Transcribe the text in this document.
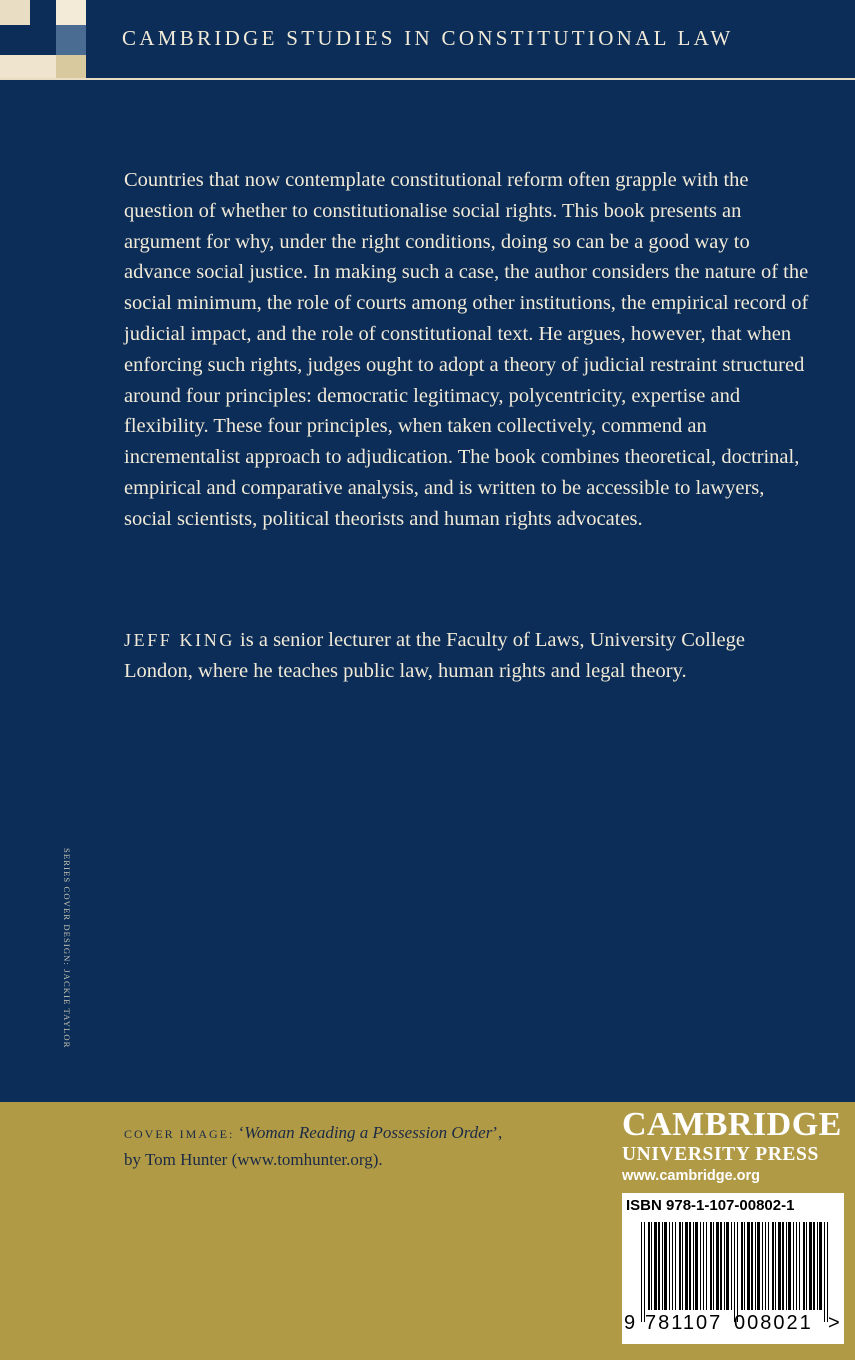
CAMBRIDGE STUDIES IN CONSTITUTIONAL LAW

Countries that now contemplate constitutional reform often grapple with the question of whether to constitutionalise social rights. This book presents an argument for why, under the right conditions, doing so can be a good way to advance social justice. In making such a case, the author considers the nature of the social minimum, the role of courts among other institutions, the empirical record of judicial impact, and the role of constitutional text. He argues, however, that when enforcing such rights, judges ought to adopt a theory of judicial restraint structured around four principles: democratic legitimacy, polycentricity, expertise and flexibility. These four principles, when taken collectively, commend an incrementalist approach to adjudication. The book combines theoretical, doctrinal, empirical and comparative analysis, and is written to be accessible to lawyers, social scientists, political theorists and human rights advocates.

JEFF KING is a senior lecturer at the Faculty of Laws, University College London, where he teaches public law, human rights and legal theory.

SERIES COVER DESIGN: JACKIE TAYLOR
COVER IMAGE: ‘Woman Reading a Possession Order’,
by Tom Hunter (www.tomhunter.org).
CAMBRIDGE
UNIVERSITY PRESS
www.cambridge.org
ISBN 978-1-107-00802-1
9 781107 008021 >
